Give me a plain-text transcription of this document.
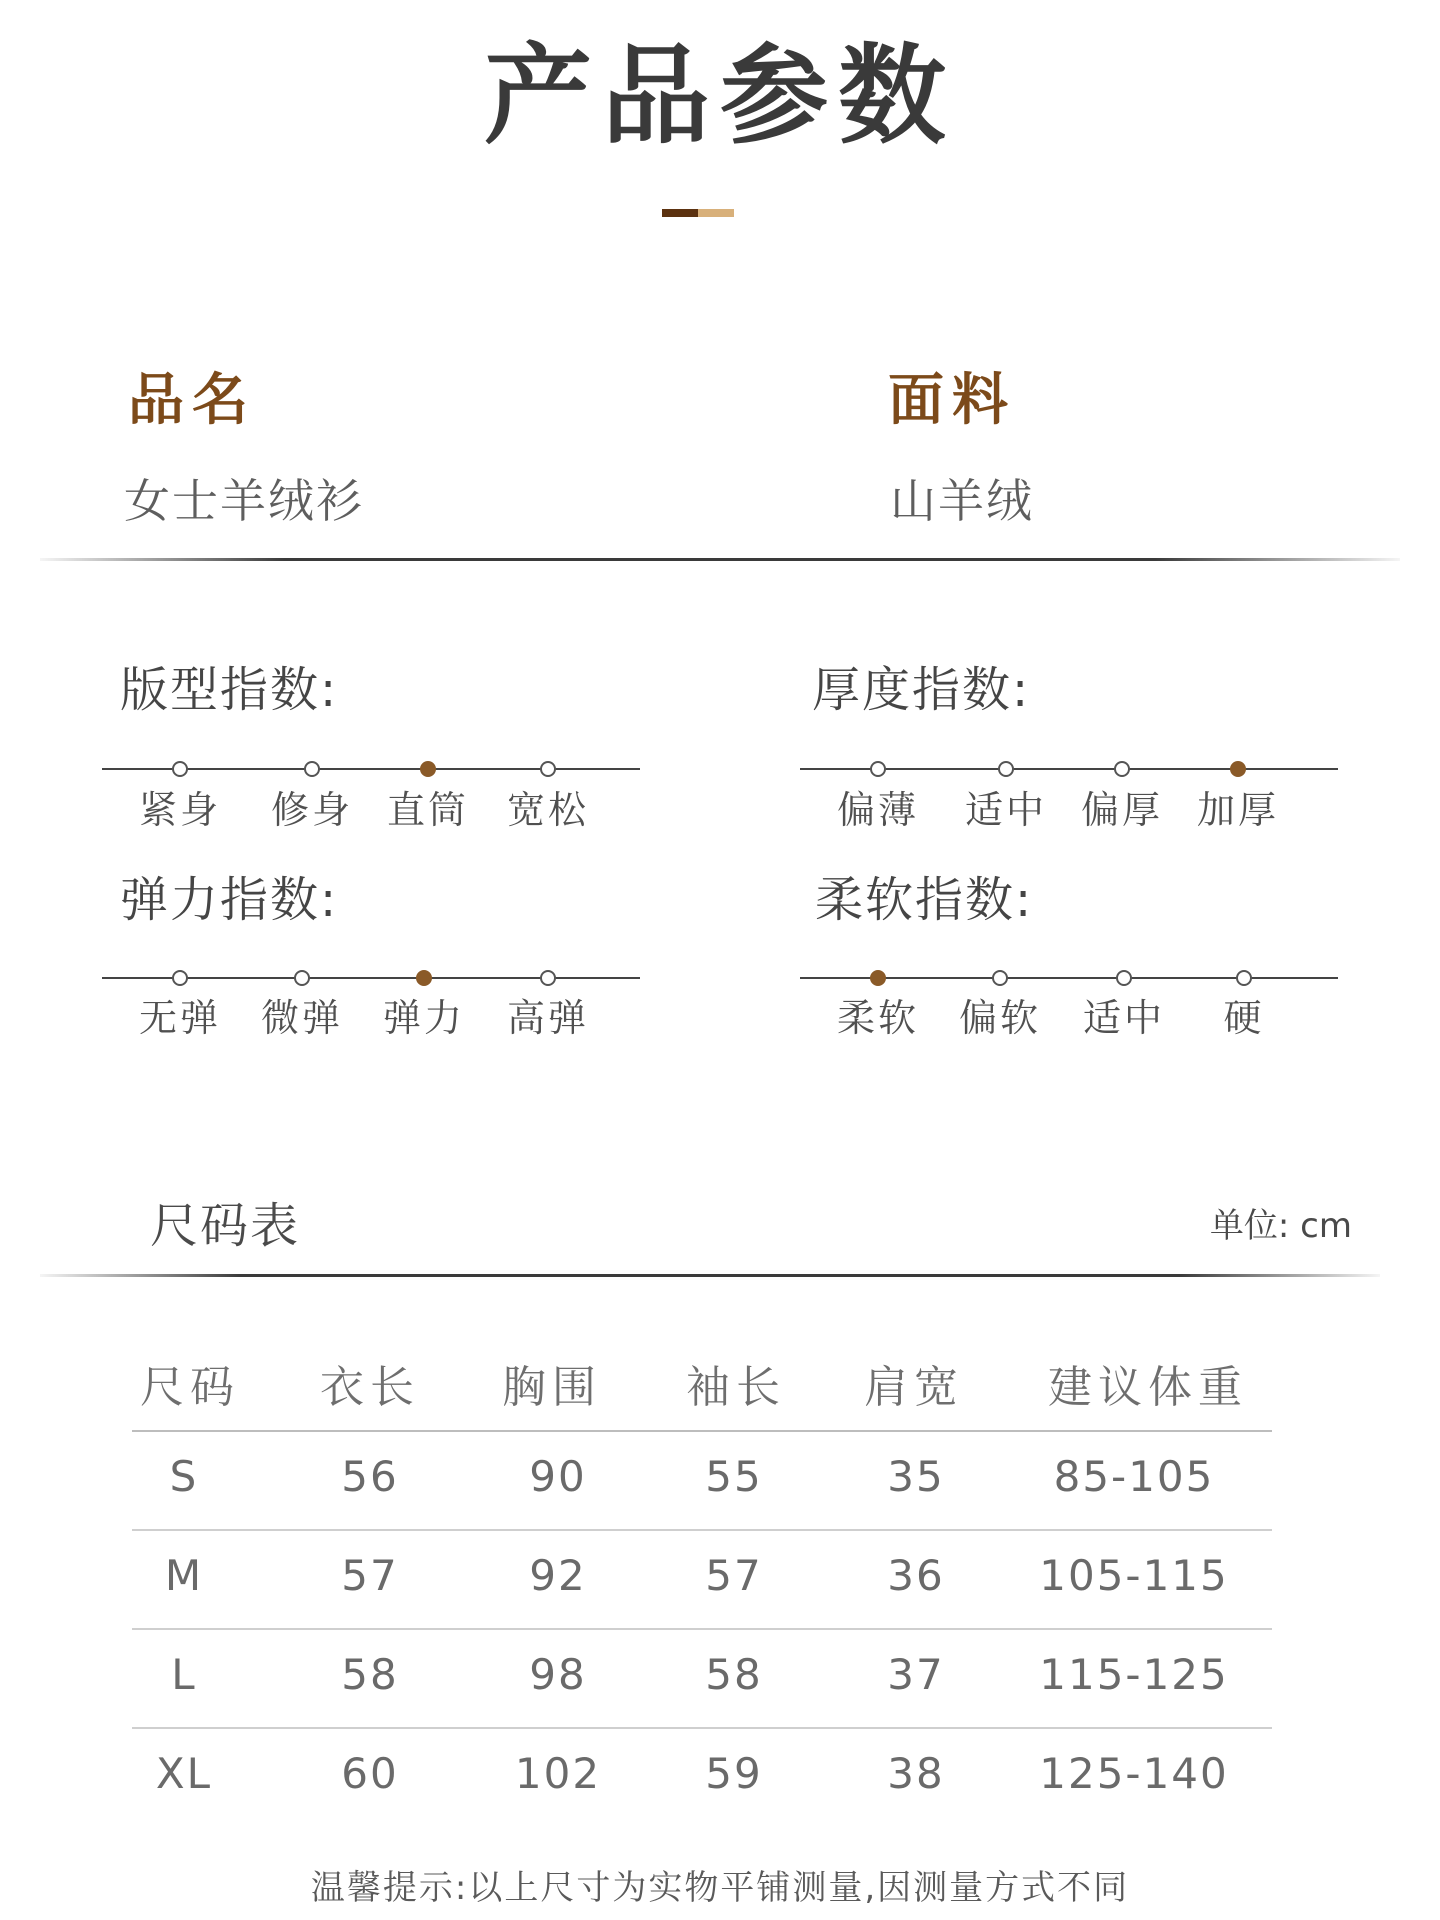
产品参数
品名
女士羊绒衫
面料
山羊绒
版型指数:	厚度指数:
弹力指数:	柔软指数:
紧身	修身 直筒 宽松	偏薄	适中 偏厚 加厚
无弹	微弹	弹力	高弹	柔软	偏软	适中	硬
尺码表	单位: cm
尺码	衣长	胸围	袖长	肩宽	建议体重
S	56	90	55	35	85-105
M	57	92	57	36	105-115
L	58	98	58	37	115-125
XL	60	102	59	38	125-140
温馨提示:以上尺寸为实物平铺测量,因测量方式不同
